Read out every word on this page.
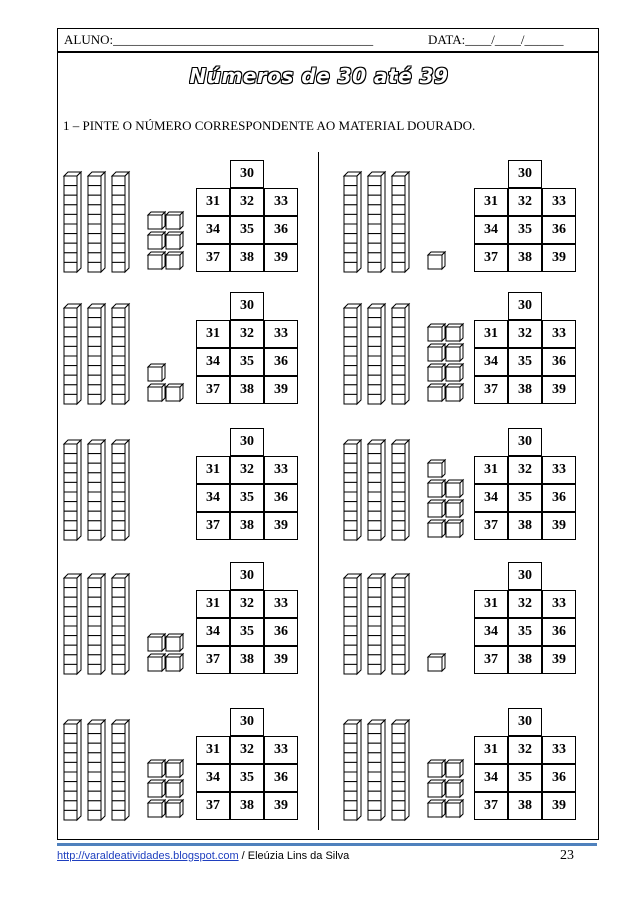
ALUNO:________________________________________	DATA:____/____/______
Números de 30 até 39
1 – PINTE O NÚMERO CORRESPONDENTE AO MATERIAL DOURADO.
30
31	32	33
34	35	36
37	38	39
30
31	32	33
34	35	36
37	38	39
30
31	32	33
34	35	36
37	38	39
30
31	32	33
34	35	36
37	38	39
30
31	32	33
34	35	36
37	38	39
30
31	32	33
34	35	36
37	38	39
30
31	32	33
34	35	36
37	38	39
30
31	32	33
34	35	36
37	38	39
30
31	32	33
34	35	36
37	38	39
30
31	32	33
34	35	36
37	38	39
http://varaldeatividades.blogspot.com / Eleúzia Lins da Silva	23
